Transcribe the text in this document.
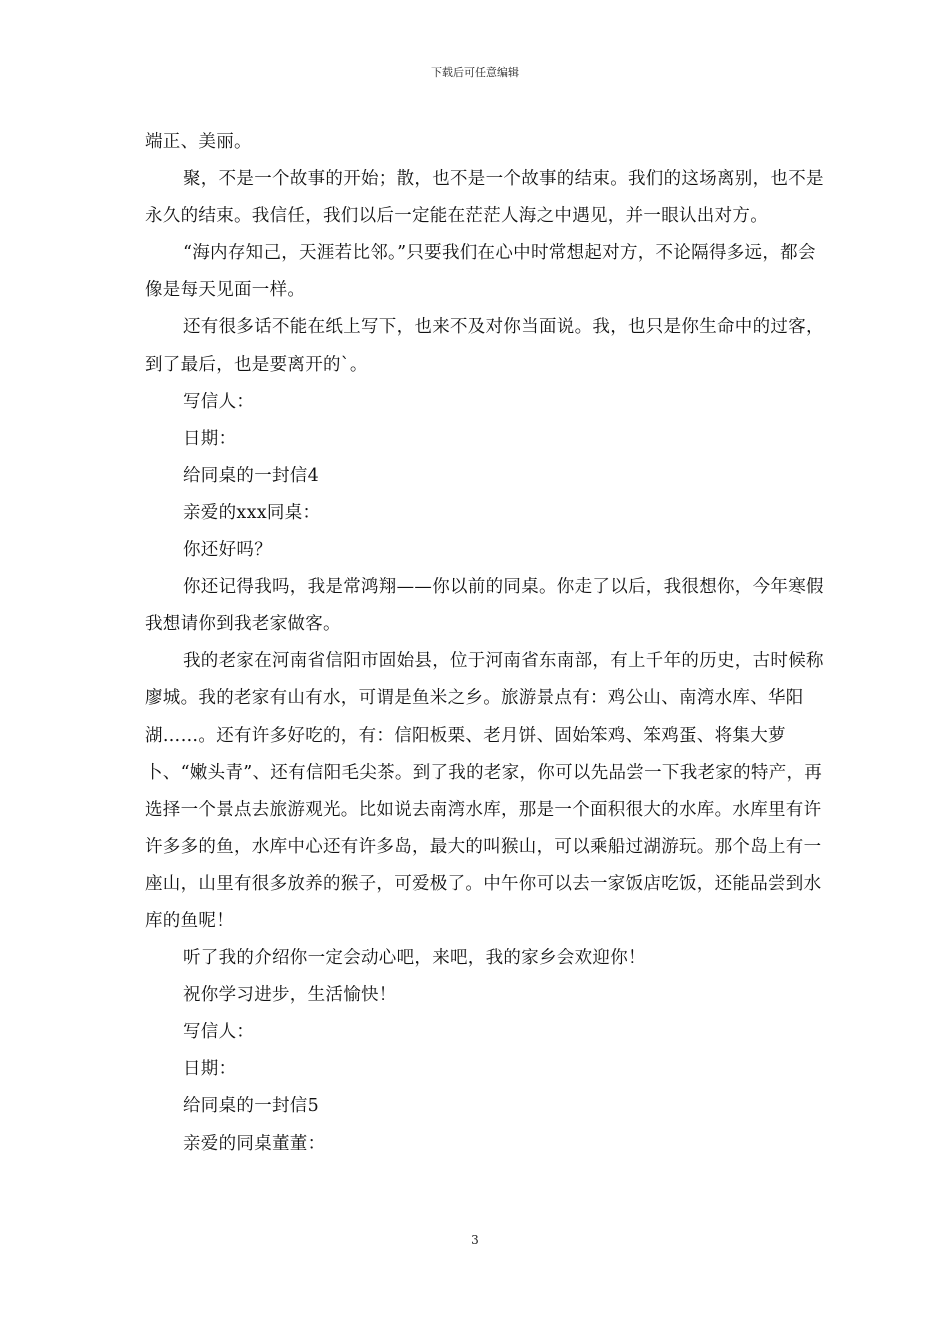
下载后可任意编辑

端正、美丽。

聚，不是一个故事的开始；散，也不是一个故事的结束。我们的这场离别，也不是永久的结束。我信任，我们以后一定能在茫茫人海之中遇见，并一眼认出对方。

“海内存知己，天涯若比邻。”只要我们在心中时常想起对方，不论隔得多远，都会像是每天见面一样。

还有很多话不能在纸上写下，也来不及对你当面说。我，也只是你生命中的过客，到了最后，也是要离开的`。

写信人：

日期：

给同桌的一封信4

亲爱的xxx同桌：

你还好吗？

你还记得我吗，我是常鸿翔——你以前的同桌。你走了以后，我很想你，今年寒假我想请你到我老家做客。

我的老家在河南省信阳市固始县，位于河南省东南部，有上千年的历史，古时候称廖城。我的老家有山有水，可谓是鱼米之乡。旅游景点有：鸡公山、南湾水库、华阳湖……。还有许多好吃的，有：信阳板栗、老月饼、固始笨鸡、笨鸡蛋、将集大萝卜、“嫩头青”、还有信阳毛尖茶。到了我的老家，你可以先品尝一下我老家的特产，再选择一个景点去旅游观光。比如说去南湾水库，那是一个面积很大的水库。水库里有许许多多的鱼，水库中心还有许多岛，最大的叫猴山，可以乘船过湖游玩。那个岛上有一座山，山里有很多放养的猴子，可爱极了。中午你可以去一家饭店吃饭，还能品尝到水库的鱼呢！

听了我的介绍你一定会动心吧，来吧，我的家乡会欢迎你！

祝你学习进步，生活愉快！

写信人：

日期：

给同桌的一封信5

亲爱的同桌董董：

3
